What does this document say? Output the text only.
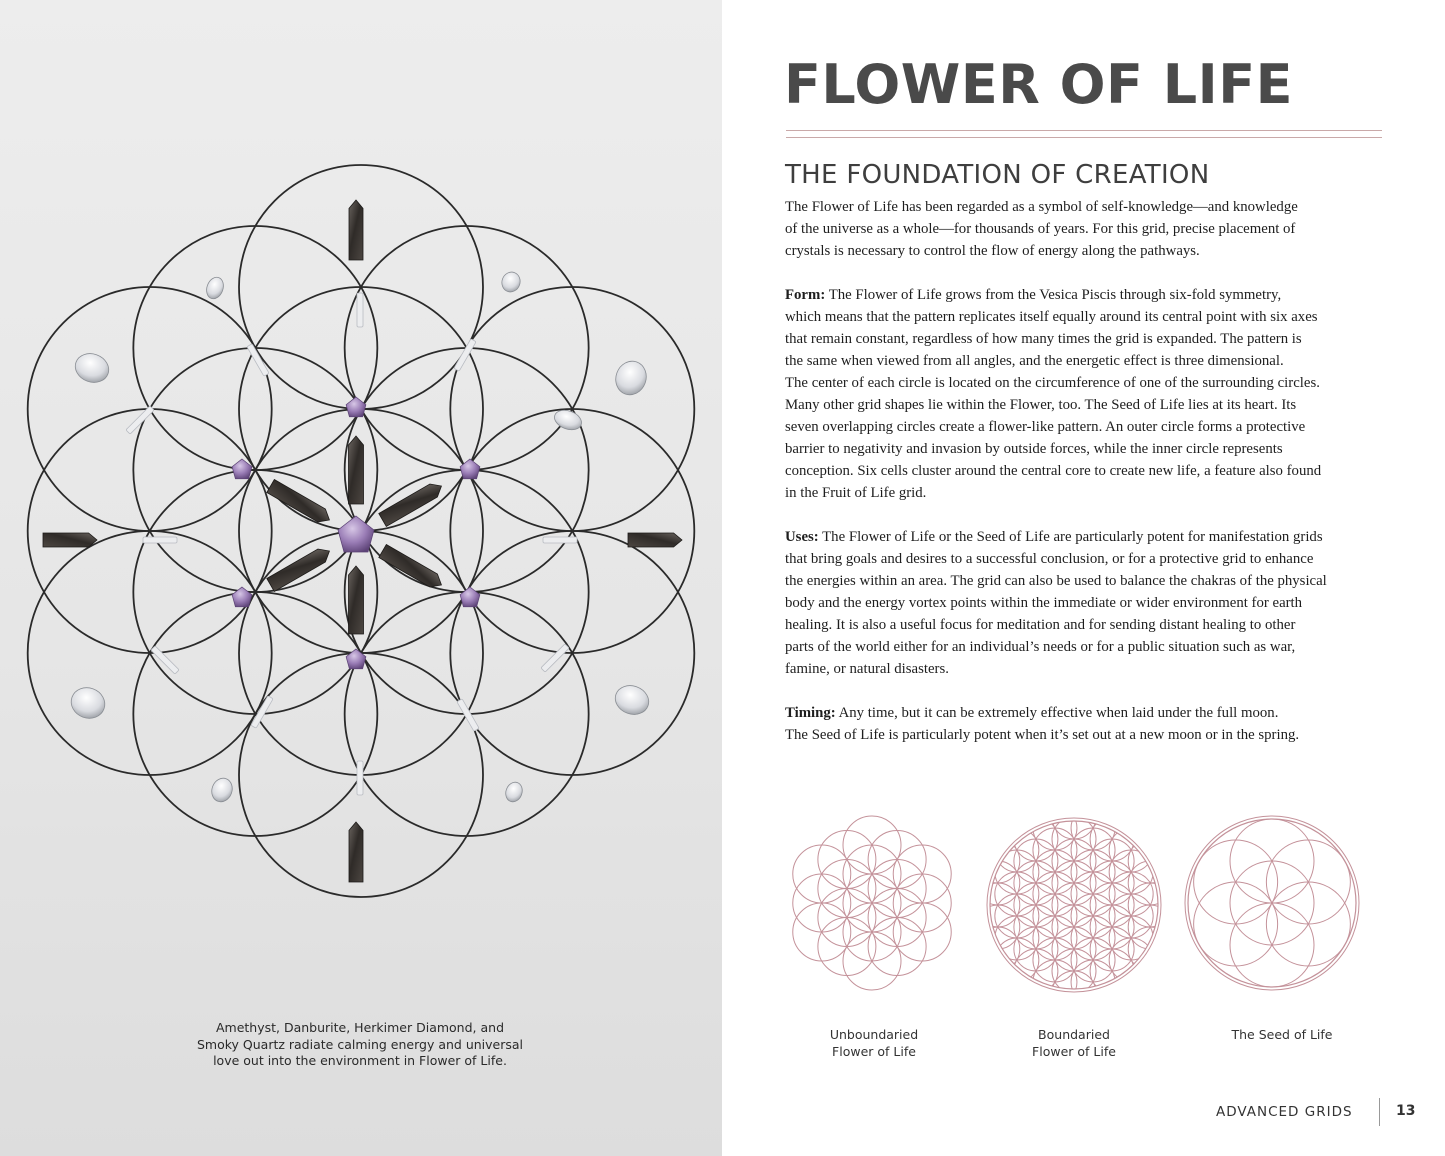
Amethyst, Danburite, Herkimer Diamond, and
Smoky Quartz radiate calming energy and universal
love out into the environment in Flower of Life.
FLOWER OF LIFE
THE FOUNDATION OF CREATION

The Flower of Life has been regarded as a symbol of self-knowledge—and knowledge
of the universe as a whole—for thousands of years. For this grid, precise placement of
crystals is necessary to control the flow of energy along the pathways.

Form: The Flower of Life grows from the Vesica Piscis through six-fold symmetry,
which means that the pattern replicates itself equally around its central point with six axes
that remain constant, regardless of how many times the grid is expanded. The pattern is
the same when viewed from all angles, and the energetic effect is three dimensional.
The center of each circle is located on the circumference of one of the surrounding circles.
Many other grid shapes lie within the Flower, too. The Seed of Life lies at its heart. Its
seven overlapping circles create a flower-like pattern. An outer circle forms a protective
barrier to negativity and invasion by outside forces, while the inner circle represents
conception. Six cells cluster around the central core to create new life, a feature also found
in the Fruit of Life grid.

Uses: The Flower of Life or the Seed of Life are particularly potent for manifestation grids
that bring goals and desires to a successful conclusion, or for a protective grid to enhance
the energies within an area. The grid can also be used to balance the chakras of the physical
body and the energy vortex points within the immediate or wider environment for earth
healing. It is also a useful focus for meditation and for sending distant healing to other
parts of the world either for an individual’s needs or for a public situation such as war,
famine, or natural disasters.

Timing: Any time, but it can be extremely effective when laid under the full moon.
The Seed of Life is particularly potent when it’s set out at a new moon or in the spring.

Unboundaried
Flower of Life
Boundaried
Flower of Life
The Seed of Life
ADVANCED GRIDS	13
